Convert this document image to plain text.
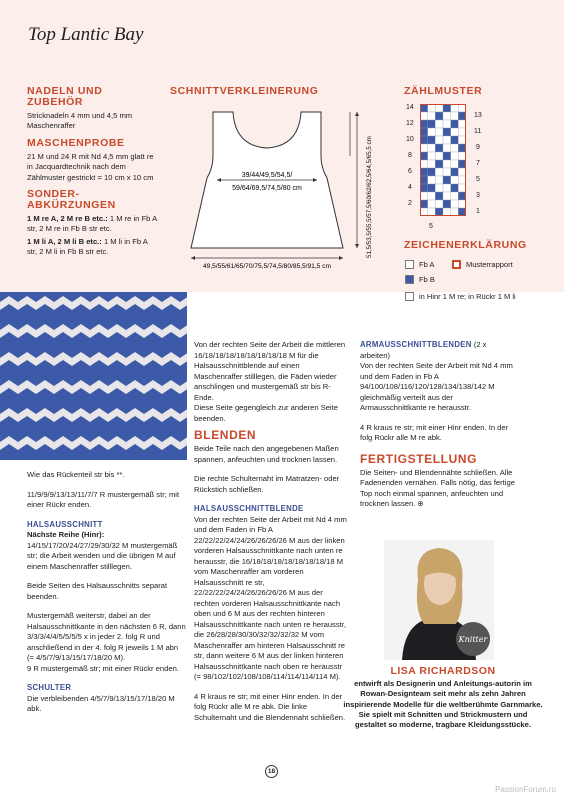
Top Lantic Bay
NADELN UND ZUBEHÖR

Stricknadeln 4 mm und 4,5 mm Maschenraffer

MASCHENPROBE

21 M und 24 R mit Nd 4,5 mm glatt re in Jacquardtechnik nach dem Zählmuster gestrickt = 10 cm x 10 cm

SONDER-ABKÜRZUNGEN

1 M re A, 2 M re B etc.: 1 M re in Fb A str, 2 M re in Fb B str etc.

1 M li A, 2 M li B etc.: 1 M li in Fb A str, 2 M li in Fb B str etc.

SCHNITTVERKLEINERUNG
39/44/49,5/54,5/
59/64/69,5/74,5/80 cm
49,5/55/61/65/70/75,5/74,5/80/85,5/91,5 cm
51,5/53,5/55,5/57,5/60/62/62,5/64,5/65,5 cm
ZÄHLMUSTER
14
12
10
8
6
4
2
13
11
9
7
5
3
1
5
ZEICHENERKLÄRUNG
Fb A	Musterrapport
Fb B
in Hinr 1 M re; in Rückr 1 M li

Wie das Rückenteil str bis **.

11/9/9/9/13/13/11/7/7 R mustergemäß str; mit einer Rückr enden.

HALSAUSSCHNITT

Nächste Reihe (Hinr): 14/15/17/20/24/27/29/30/32 M mustergemäß str; die Arbeit wenden und die übrigen M auf einem Maschenraffer stilllegen.

Beide Seiten des Halsausschnitts separat beenden.

Mustergemäß weiterstr, dabei an der Halsausschnittkante in den nächsten 6 R, dann 3/3/3/4/4/5/5/5/5 x in jeder 2. folg R und anschließend in der 4. folg R jeweils 1 M abn (= 4/5/7/9/13/15/17/18/20 M).

9 R mustergemäß str; mit einer Rückr enden.

SCHULTER

Die verbleibenden 4/5/7/9/13/15/17/18/20 M abk.

Von der rechten Seite der Arbeit die mittleren 16/18/18/18/18/18/18/18/18 M für die Halsausschnittblende auf einen Maschenraffer stilllegen, die Fäden wieder anschlingen und mustergemäß str bis R-Ende.

Diese Seite gegengleich zur anderen Seite beenden.

BLENDEN

Beide Teile nach den angegebenen Maßen spannen, anfeuchten und trocknen lassen.

Die rechte Schulternaht im Matratzen- oder Rückstich schließen.

HALSAUSSCHNITTBLENDE

Von der rechten Seite der Arbeit mit Nd 4 mm und dem Faden in Fb A 22/22/22/24/24/26/26/26/26 M aus der linken vorderen Halsausschnittkante nach unten re herausstr, die 16/18/18/18/18/18/18/18/18 M vom Maschenraffer am vorderen Halsausschnitt re str, 22/22/22/24/24/26/26/26/26 M aus der rechten vorderen Halsausschnittkante nach oben und 6 M aus der rechten hinteren Halsausschnittkante nach unten re herausstr, die 26/28/28/30/30/32/32/32/32 M vom Maschenraffer am hinteren Halsausschnitt re str, dann weitere 6 M aus der linken hinteren Halsausschnittkante nach oben re herausstr (= 98/102/102/108/108/114/114/114/114 M).

4 R kraus re str; mit einer Hinr enden. In der folg Rückr alle M re abk. Die linke Schulternaht und die Blendennaht schließen.

ARMAUSSCHNITTBLENDEN (2 x arbeiten)

Von der rechten Seite der Arbeit mit Nd 4 mm und dem Faden in Fb A 94/100/108/116/120/128/134/138/142 M gleichmäßig verteilt aus der Armausschnittkante re herausstr.

4 R kraus re str; mit einer Hinr enden. In der folg Rückr alle M re abk.

FERTIGSTELLUNG

Die Seiten- und Blendennähte schließen. Alle Fadenenden vernähen. Falls nötig, das fertige Top noch einmal spannen, anfeuchten und trocknen lassen. ⊕

Knitter
LISA RICHARDSON
entwirft als Designerin und Anleitungs-autorin im Rowan-Designteam seit mehr als zehn Jahren inspirierende Modelle für die weltberühmte Garnmarke. Sie spielt mit Schnitten und Strickmustern und gestaltet so moderne, tragbare Kleidungsstücke.
18
PassionForum.ru
